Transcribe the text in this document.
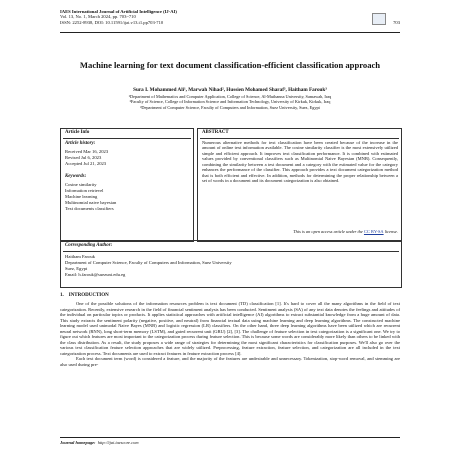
IAES International Journal of Artificial Intelligence (IJ-AI)
Vol. 13, No. 1, March 2024, pp. 703~710
ISSN: 2252-8938, DOI: 10.11591/ijai.v13.i1.pp703-710	703
Machine learning for text document classification-efficient classification approach
Sura I. Mohammed Ali¹, Marwah Nihad², Hussien Mohamed Sharaf³, Haitham Farouk³
¹Department of Mathematics and Computer Application, College of Science, Al-Muthanna University, Samawah, Iraq
²Faculty of Science, College of Information Science and Information Technology, University of Kirkuk, Kirkuk, Iraq
³Department of Computer Science, Faculty of Computers and Information, Suez University, Suez, Egypt
Article Info
Article history:
Received Mar 16, 2023
Revised Jul 6, 2023
Accepted Jul 21, 2023
Keywords:
Cosine similarity
Information retrievel
Machine learning
Multinomial naive bayesian
Text documents classifiers
ABSTRACT
Numerous alternative methods for text classification have been created because of the increase in the amount of online text information available. The cosine similarity classifier is the most extensively utilized simple and efficient approach. It improves text classification performance. It is combined with estimated values provided by conventional classifiers such as Multinomial Naive Bayesian (MNB). Consequently, combining the similarity between a test document and a category with the estimated value for the category enhances the performance of the classifier. This approach provides a text document categorization method that is both efficient and effective. In addition, methods for determining the proper relationship between a set of words in a document and its document categorization is also obtained.
This is an open access article under the CC BY-SA license.
Corresponding Author:
Haitham Farouk
Department of Computer Science, Faculty of Computers and Information, Suez University
Suez, Egypt
Email: h.farouk@suezuni.edu.eg
1.    INTRODUCTION

One of the possible solutions of the information resources problem is text document (TD) classification [1]. It's hard to cover all the many algorithms in the field of text categorization. Recently, extensive research in the field of financial sentiment analysis has been conducted. Sentiment analysis (SA) of any text data denotes the feelings and attitudes of the individual on particular topics or products. It applies statistical approaches with artificial intelligence (AI) algorithms to extract substantial knowledge from a huge amount of data. This study extracts the sentiment polarity (negative, positive, and neutral) from financial textual data using machine learning and deep learning algorithms. The constructed machine learning model used unimodal Naive Bayes (MNB) and logistic regression (LR) classifiers. On the other hand, three deep learning algorithms have been utilized which are recurrent neural network (RNN), long short-term memory (LSTM), and gated recurrent unit (GRU) [2], [3]. The challenge of feature selection in text categorization is a significant one. We try to figure out which features are most important to the categorization process during feature selection. This is because some words are considerably more likely than others to be linked with the class distribution. As a result, the study proposes a wide range of strategies for determining the most significant characteristics for classification purposes. We'll also go over the various text classification feature selection approaches that are widely utilized. Preprocessing, feature extraction, feature selection, and categorization are all included in the text categorization process. Text documents are used to extract features in feature extraction process [4].

Each text document term (word) is considered a feature, and the majority of the features are undesirable and unnecessary. Tokenization, stop-word removal, and stemming are also used during pre-

Journal homepage: http://ijai.iaescore.com
